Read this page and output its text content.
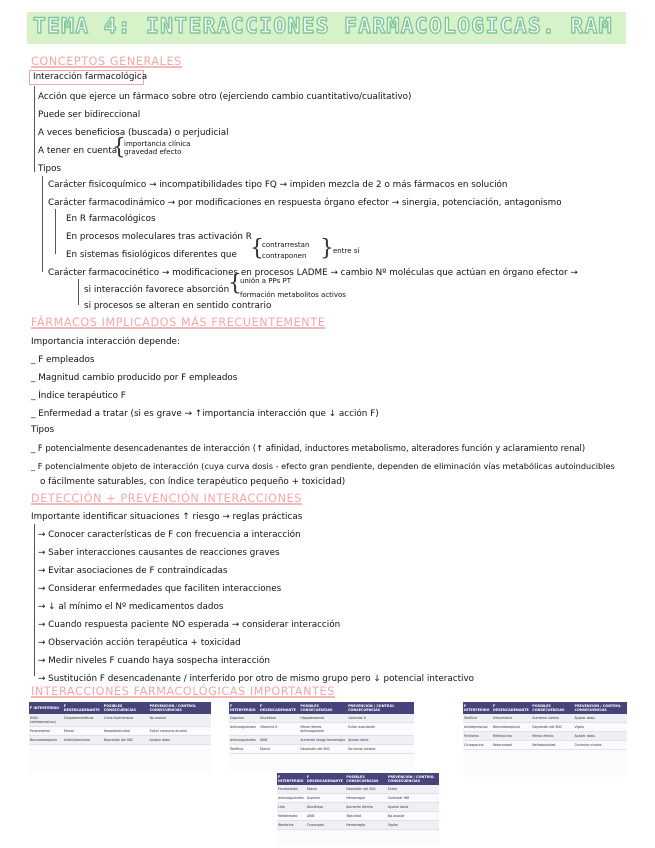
TEMA 4: INTERACCIONES FARMACOLOGICAS. RAM
CONCEPTOS GENERALES
Interacción farmacológica
Acción que ejerce un fármaco sobre otro (ejerciendo cambio cuantitativo/cualitativo)
Puede ser bidireccional
A veces beneficiosa (buscada) o perjudicial
A tener en cuenta
{
importancia clínica
gravedad efecto
Tipos
Carácter fisicoquímico → incompatibilidades tipo FQ → impiden mezcla de 2 o más fármacos en solución
Carácter farmacodinámico → por modificaciones en respuesta órgano efector → sinergia, potenciación, antagonismo
En R farmacológicos
En procesos moleculares tras activación R
En sistemas fisiológicos diferentes que {
contrarrestan
contraponen } entre sí
Carácter farmacocinético → modificaciones en procesos LADME → cambio Nº moléculas que actúan en órgano efector →
si interacción favorece absorción
{
unión a PPs PT
formación metabolitos activos
si procesos se alteran en sentido contrario
FÁRMACOS IMPLICADOS MÁS FRECUENTEMENTE
Importancia interacción depende:
_ F empleados
_ Magnitud cambio producido por F empleados
_ Índice terapéutico F
_ Enfermedad a tratar (si es grave → ↑importancia interacción que ↓ acción F)
Tipos
_ F potencialmente desencadenantes de interacción (↑ afinidad, inductores metabolismo, alteradores función y aclaramiento renal)
_ F potencialmente objeto de interacción (cuya curva dosis - efecto gran pendiente, dependen de eliminación vías metabólicas autoinducibles
o fácilmente saturables, con índice terapéutico pequeño + toxicidad)
DETECCIÓN + PREVENCIÓN INTERACCIONES
Importante identificar situaciones ↑ riesgo → reglas prácticas
→ Conocer características de F con frecuencia a interacción
→ Saber interacciones causantes de reacciones graves
→ Evitar asociaciones de F contraindicadas
→ Considerar enfermedades que faciliten interacciones
→ ↓ al mínimo el Nº medicamentos dados
→ Cuando respuesta paciente NO esperada → considerar interacción
→ Observación acción terapéutica + toxicidad
→ Medir niveles F cuando haya sospecha interacción
→ Sustitución F desencadenante / interferido por otro de mismo grupo pero ↓ potencial interactivo
INTERACCIONES FARMACOLÓGICAS IMPORTANTES
F INTERFERIDO	F DESENCADENANTE	POSIBLES CONSECUENCIAS	PREVENCIÓN / CONTROL CONSECUENCIAS
IMAO (antidepresivos)	Simpatomiméticos	Crisis hipertensiva	No asociar
Paracetamol	Etanol	Hepatotoxicidad	Evitar consumo alcohol
Benzodiacepinas	Antihistamínicos	Depresión del SNC	Ajustar dosis
F INTERFERIDO	F DESENCADENANTE	POSIBLES CONSECUENCIAS	PREVENCIÓN / CONTROL CONSECUENCIAS
Digoxina	Diuréticos	Hipopotasemia	Controlar K
Anticoagulantes	Vitamina K	Menor efecto anticoagulante	Evitar asociación
Anticoagulantes	AINE	Aumento riesgo hemorragia	Ajustar dosis
Teofilina	Etanol	Depresión del SNC	No tomar alcohol
F INTERFERIDO	F DESENCADENANTE	POSIBLES CONSECUENCIAS	PREVENCIÓN / CONTROL CONSECUENCIAS
Teofilina	Eritromicina	Aumento niveles	Ajustar dosis
Antidepresivos	Benzodiacepinas	Depresión del SNC	Vigilar
Fenitoína	Rifampicina	Menor efecto	Ajustar dosis
Ciclosporina	Ketoconazol	Nefrotoxicidad	Controlar niveles
F INTERFERIDO	F DESENCADENANTE	POSIBLES CONSECUENCIAS	PREVENCIÓN / CONTROL CONSECUENCIAS
Fenobarbital	Etanol	Depresión del SNC	Evitar
Anticoagulantes	Aspirina	Hemorragia	Controlar INR
Litio	Diuréticos	Aumento litemia	Ajustar dosis
Metotrexato	AINE	Toxicidad	No asociar
Warfarina	Fluconazol	Hemorragia	Vigilar
